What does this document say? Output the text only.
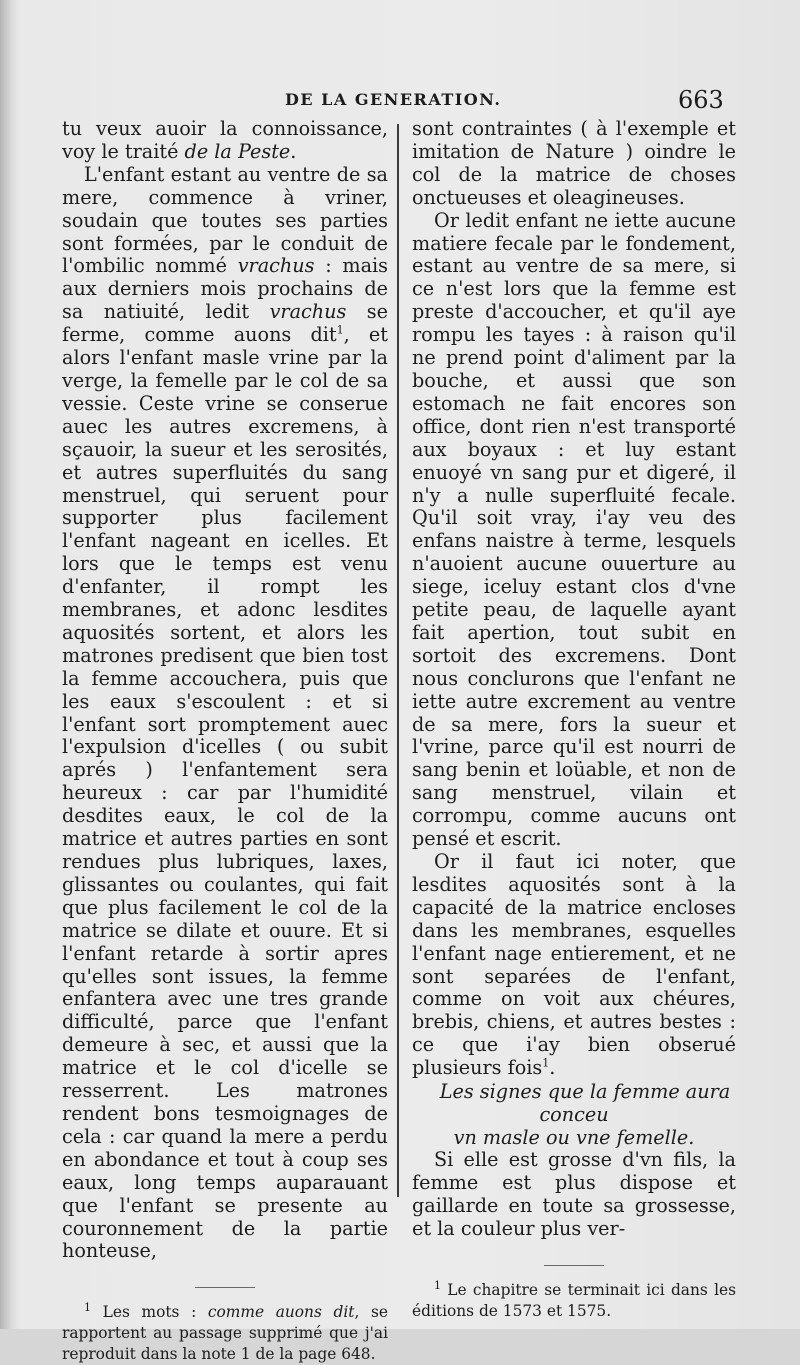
DE LA GENERATION.	663

tu veux auoir la connoissance, voy le traité de la Peste.

L'enfant estant au ventre de sa mere, commence à vriner, soudain que toutes ses parties sont formées, par le conduit de l'ombilic nommé vrachus : mais aux derniers mois prochains de sa natiuité, ledit vrachus se ferme, comme auons dit$^1$, et alors l'enfant masle vrine par la verge, la femelle par le col de sa vessie. Ceste vrine se conserue auec les autres excremens, à sçauoir, la sueur et les serosités, et autres superfluités du sang menstruel, qui seruent pour supporter plus facilement l'enfant nageant en icelles. Et lors que le temps est venu d'enfanter, il rompt les membranes, et adonc lesdites aquosités sortent, et alors les matrones predisent que bien tost la femme accouchera, puis que les eaux s'escoulent : et si l'enfant sort promptement auec l'expulsion d'icelles ( ou subit aprés ) l'enfantement sera heureux : car par l'humidité desdites eaux, le col de la matrice et autres parties en sont rendues plus lubriques, laxes, glissantes ou coulantes, qui fait que plus facilement le col de la matrice se dilate et ouure. Et si l'enfant retarde à sortir apres qu'elles sont issues, la femme enfantera avec une tres grande difficulté, parce que l'enfant demeure à sec, et aussi que la matrice et le col d'icelle se resserrent. Les matrones rendent bons tesmoignages de cela : car quand la mere a perdu en abondance et tout à coup ses eaux, long temps auparauant que l'enfant se presente au couronnement de la partie honteuse,

$^1$ Les mots : comme auons dit, se rapportent au passage supprimé que j'ai reproduit dans la note 1 de la page 648.

sont contraintes ( à l'exemple et imitation de Nature ) oindre le col de la matrice de choses onctueuses et oleagineuses.

Or ledit enfant ne iette aucune matiere fecale par le fondement, estant au ventre de sa mere, si ce n'est lors que la femme est preste d'accoucher, et qu'il aye rompu les tayes : à raison qu'il ne prend point d'aliment par la bouche, et aussi que son estomach ne fait encores son office, dont rien n'est transporté aux boyaux : et luy estant enuoyé vn sang pur et digeré, il n'y a nulle superfluité fecale. Qu'il soit vray, i'ay veu des enfans naistre à terme, lesquels n'auoient aucune ouuerture au siege, iceluy estant clos d'vne petite peau, de laquelle ayant fait apertion, tout subit en sortoit des excremens. Dont nous conclurons que l'enfant ne iette autre excrement au ventre de sa mere, fors la sueur et l'vrine, parce qu'il est nourri de sang benin et loüable, et non de sang menstruel, vilain et corrompu, comme aucuns ont pensé et escrit.

Or il faut ici noter, que lesdites aquosités sont à la capacité de la matrice encloses dans les membranes, esquelles l'enfant nage entierement, et ne sont separées de l'enfant, comme on voit aux chéures, brebis, chiens, et autres bestes : ce que i'ay bien obserué plusieurs fois$^1$.

Les signes que la femme aura conceu
vn masle ou vne femelle.

Si elle est grosse d'vn fils, la femme est plus dispose et gaillarde en toute sa grossesse, et la couleur plus ver-

$^1$ Le chapitre se terminait ici dans les éditions de 1573 et 1575.
